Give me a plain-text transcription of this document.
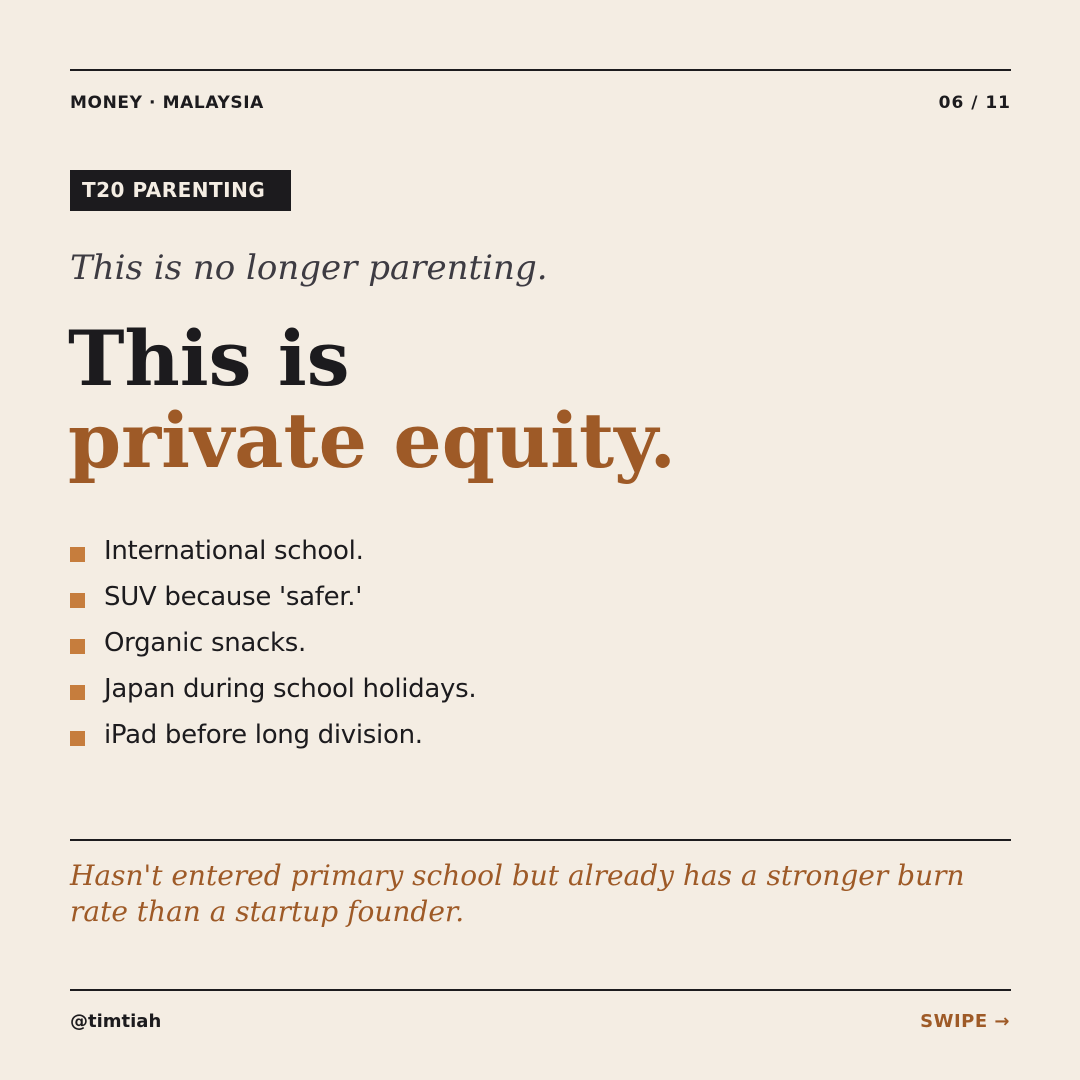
MONEY · MALAYSIA	06 / 11
T20 PARENTING
This is no longer parenting.
This is
private equity.
International school.
SUV because 'safer.'
Organic snacks.
Japan during school holidays.
iPad before long division.

Hasn't entered primary school but already has a stronger burn rate than a startup founder.

@timtiah	SWIPE →
